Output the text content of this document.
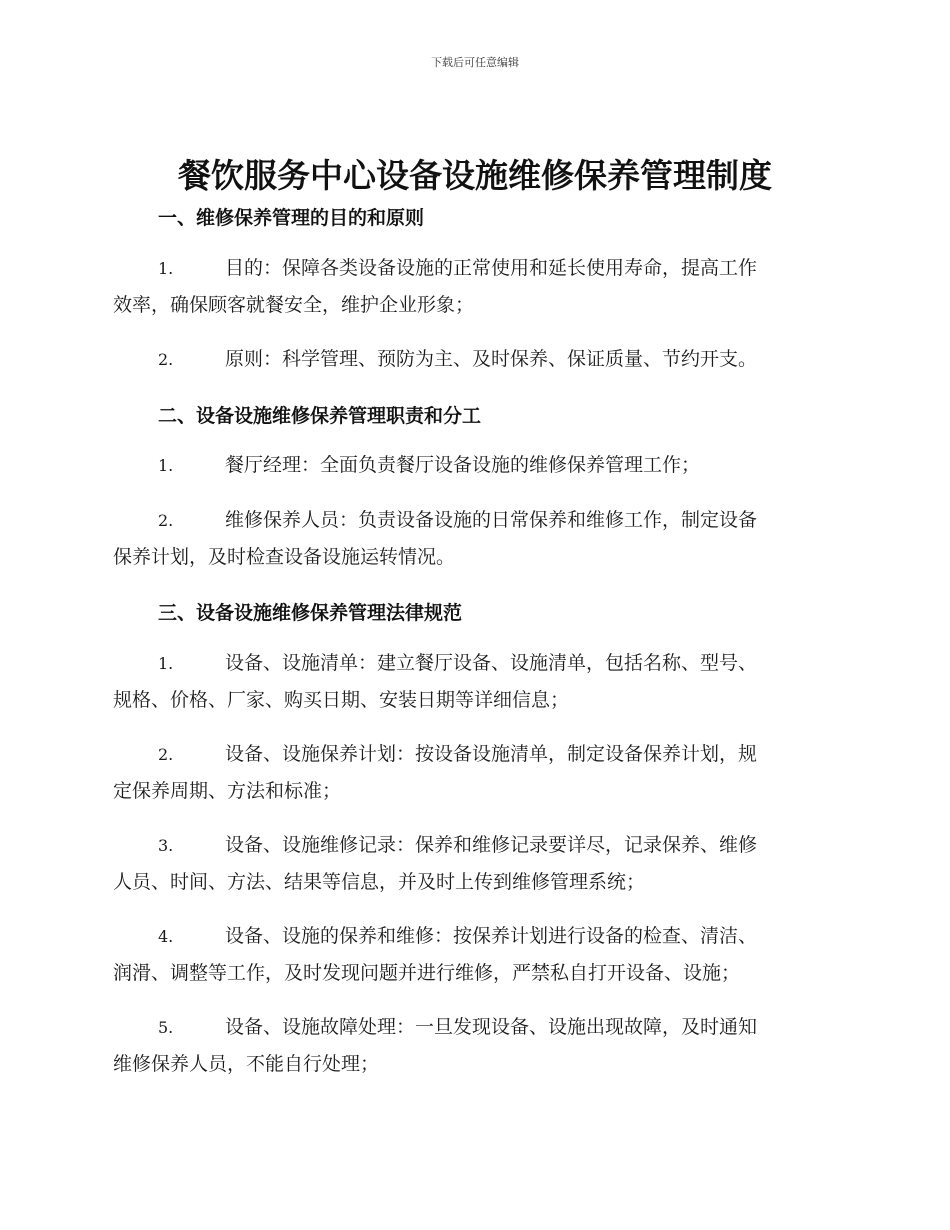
下载后可任意编辑
餐饮服务中心设备设施维修保养管理制度
一、维修保养管理的目的和原则
1.	目的：保障各类设备设施的正常使用和延长使用寿命，提高工作
效率，确保顾客就餐安全，维护企业形象；
2.	原则：科学管理、预防为主、及时保养、保证质量、节约开支。
二、设备设施维修保养管理职责和分工
1.	餐厅经理：全面负责餐厅设备设施的维修保养管理工作；
2.	维修保养人员：负责设备设施的日常保养和维修工作，制定设备
保养计划，及时检查设备设施运转情况。
三、设备设施维修保养管理法律规范
1.	设备、设施清单：建立餐厅设备、设施清单，包括名称、型号、
规格、价格、厂家、购买日期、安装日期等详细信息；
2.	设备、设施保养计划：按设备设施清单，制定设备保养计划，规
定保养周期、方法和标准；
3.	设备、设施维修记录：保养和维修记录要详尽，记录保养、维修
人员、时间、方法、结果等信息，并及时上传到维修管理系统；
4.	设备、设施的保养和维修：按保养计划进行设备的检查、清洁、
润滑、调整等工作，及时发现问题并进行维修，严禁私自打开设备、设施；
5.	设备、设施故障处理：一旦发现设备、设施出现故障，及时通知
维修保养人员，不能自行处理；
